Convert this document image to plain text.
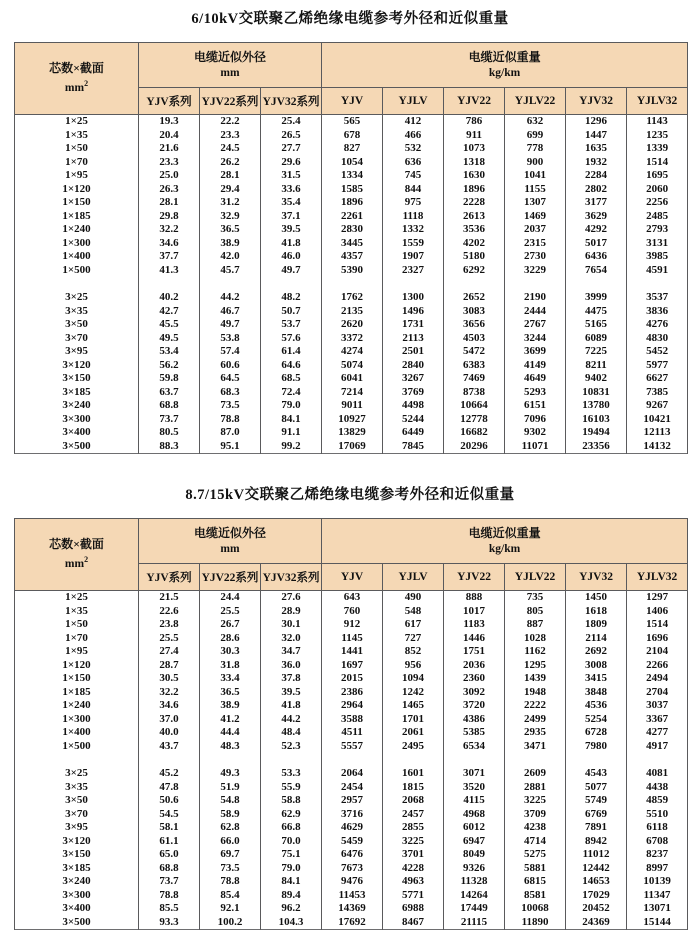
6/10kV交联聚乙烯绝缘电缆参考外径和近似重量
芯数×截面
$mm^2$	电缆近似外径
mm			电缆近似重量
kg/km					
	YJV系列	YJV22系列	YJV32系列	YJV	YJLV	YJV22	YJLV22	YJV32	YJLV32
1×25	19.3	22.2	25.4	565	412	786	632	1296	1143
1×35	20.4	23.3	26.5	678	466	911	699	1447	1235
1×50	21.6	24.5	27.7	827	532	1073	778	1635	1339
1×70	23.3	26.2	29.6	1054	636	1318	900	1932	1514
1×95	25.0	28.1	31.5	1334	745	1630	1041	2284	1695
1×120	26.3	29.4	33.6	1585	844	1896	1155	2802	2060
1×150	28.1	31.2	35.4	1896	975	2228	1307	3177	2256
1×185	29.8	32.9	37.1	2261	1118	2613	1469	3629	2485
1×240	32.2	36.5	39.5	2830	1332	3536	2037	4292	2793
1×300	34.6	38.9	41.8	3445	1559	4202	2315	5017	3131
1×400	37.7	42.0	46.0	4357	1907	5180	2730	6436	3985
1×500	41.3	45.7	49.7	5390	2327	6292	3229	7654	4591

3×25	40.2	44.2	48.2	1762	1300	2652	2190	3999	3537
3×35	42.7	46.7	50.7	2135	1496	3083	2444	4475	3836
3×50	45.5	49.7	53.7	2620	1731	3656	2767	5165	4276
3×70	49.5	53.8	57.6	3372	2113	4503	3244	6089	4830
3×95	53.4	57.4	61.4	4274	2501	5472	3699	7225	5452
3×120	56.2	60.6	64.6	5074	2840	6383	4149	8211	5977
3×150	59.8	64.5	68.5	6041	3267	7469	4649	9402	6627
3×185	63.7	68.3	72.4	7214	3769	8738	5293	10831	7385
3×240	68.8	73.5	79.0	9011	4498	10664	6151	13780	9267
3×300	73.7	78.8	84.1	10927	5244	12778	7096	16103	10421
3×400	80.5	87.0	91.1	13829	6449	16682	9302	19494	12113
3×500	88.3	95.1	99.2	17069	7845	20296	11071	23356	14132
8.7/15kV交联聚乙烯绝缘电缆参考外径和近似重量
芯数×截面
$mm^2$	电缆近似外径
mm			电缆近似重量
kg/km					
	YJV系列	YJV22系列	YJV32系列	YJV	YJLV	YJV22	YJLV22	YJV32	YJLV32
1×25	21.5	24.4	27.6	643	490	888	735	1450	1297
1×35	22.6	25.5	28.9	760	548	1017	805	1618	1406
1×50	23.8	26.7	30.1	912	617	1183	887	1809	1514
1×70	25.5	28.6	32.0	1145	727	1446	1028	2114	1696
1×95	27.4	30.3	34.7	1441	852	1751	1162	2692	2104
1×120	28.7	31.8	36.0	1697	956	2036	1295	3008	2266
1×150	30.5	33.4	37.8	2015	1094	2360	1439	3415	2494
1×185	32.2	36.5	39.5	2386	1242	3092	1948	3848	2704
1×240	34.6	38.9	41.8	2964	1465	3720	2222	4536	3037
1×300	37.0	41.2	44.2	3588	1701	4386	2499	5254	3367
1×400	40.0	44.4	48.4	4511	2061	5385	2935	6728	4277
1×500	43.7	48.3	52.3	5557	2495	6534	3471	7980	4917

3×25	45.2	49.3	53.3	2064	1601	3071	2609	4543	4081
3×35	47.8	51.9	55.9	2454	1815	3520	2881	5077	4438
3×50	50.6	54.8	58.8	2957	2068	4115	3225	5749	4859
3×70	54.5	58.9	62.9	3716	2457	4968	3709	6769	5510
3×95	58.1	62.8	66.8	4629	2855	6012	4238	7891	6118
3×120	61.1	66.0	70.0	5459	3225	6947	4714	8942	6708
3×150	65.0	69.7	75.1	6476	3701	8049	5275	11012	8237
3×185	68.8	73.5	79.0	7673	4228	9326	5881	12442	8997
3×240	73.7	78.8	84.1	9476	4963	11328	6815	14653	10139
3×300	78.8	85.4	89.4	11453	5771	14264	8581	17029	11347
3×400	85.5	92.1	96.2	14369	6988	17449	10068	20452	13071
3×500	93.3	100.2	104.3	17692	8467	21115	11890	24369	15144
